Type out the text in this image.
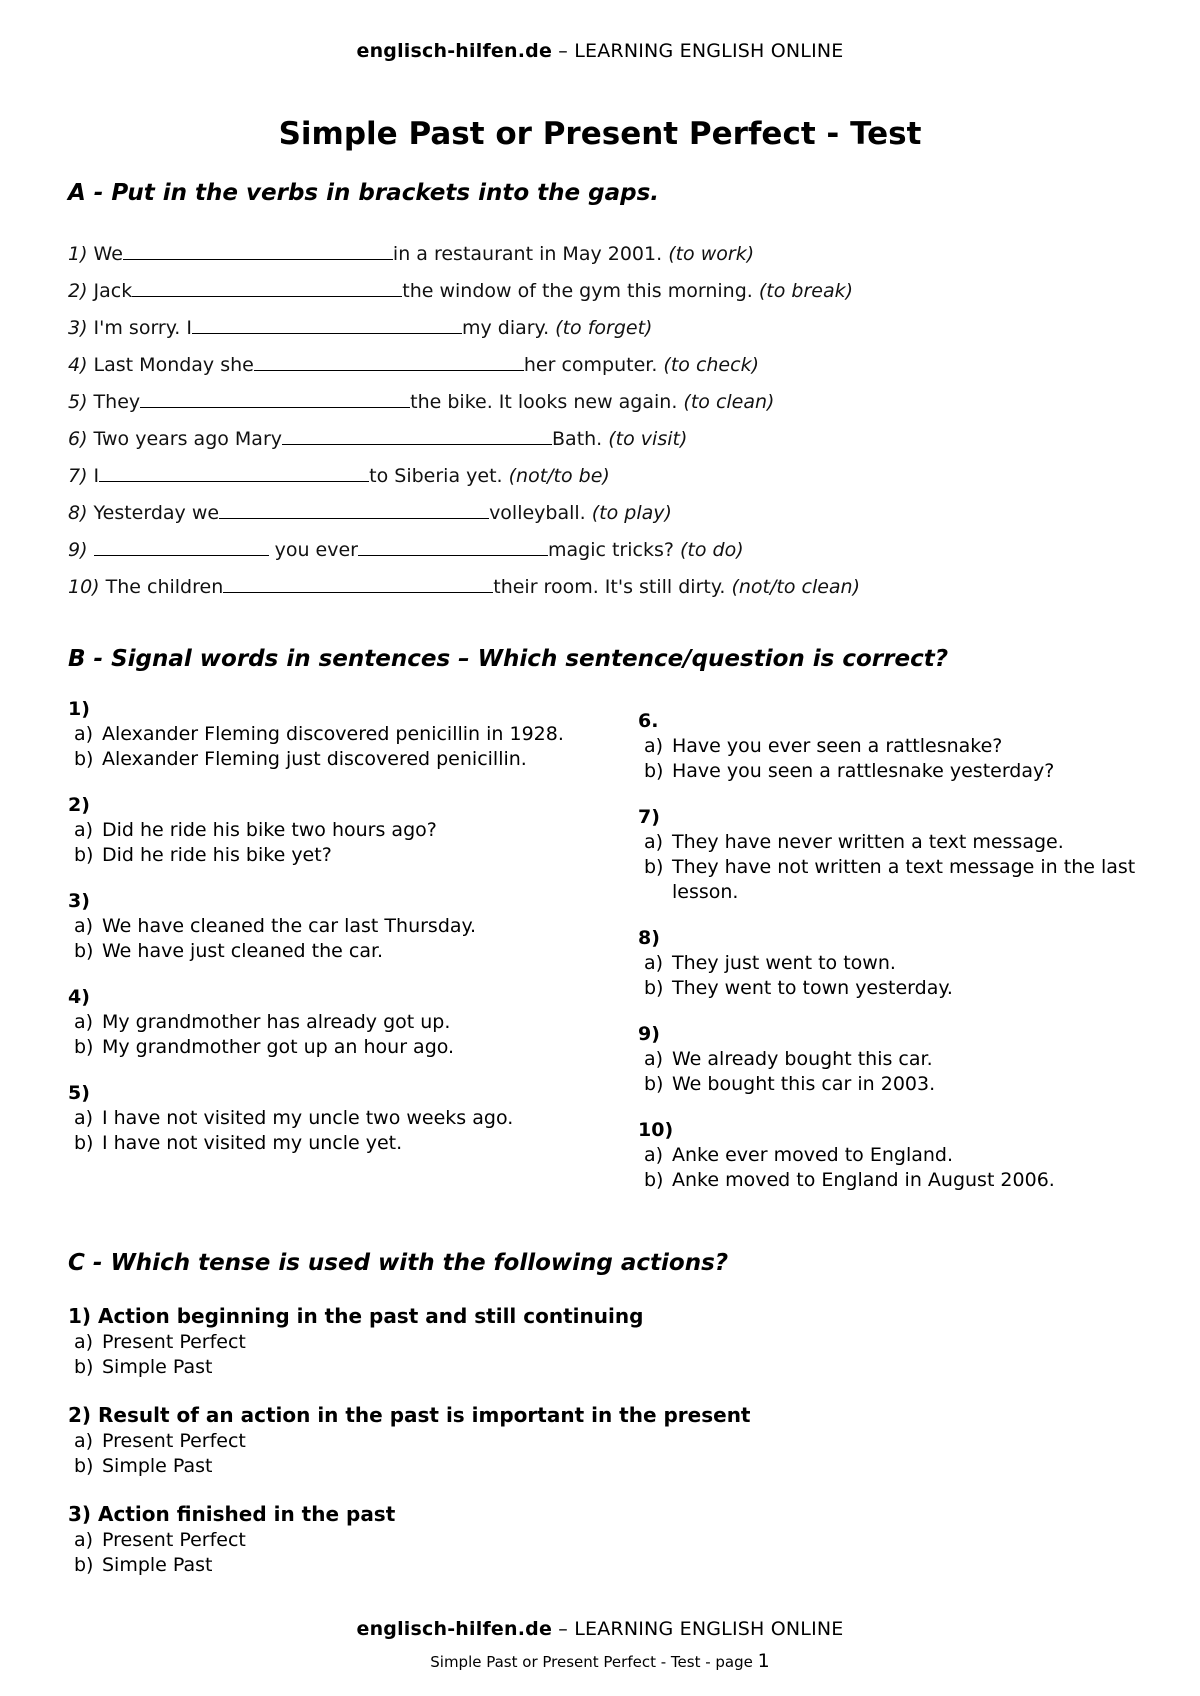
englisch-hilfen.de – LEARNING ENGLISH ONLINE
Simple Past or Present Perfect - Test
A - Put in the verbs in brackets into the gaps.
1) We	in a restaurant in May 2001. (to work)
2) Jack	the window of the gym this morning. (to break)
3) I'm sorry. I	my diary. (to forget)
4) Last Monday she	her computer. (to check)
5) They	the bike. It looks new again. (to clean)
6) Two years ago Mary	Bath. (to visit)
7) I	to Siberia yet. (not/to be)
8) Yesterday we	volleyball. (to play)
9)	you ever	magic tricks? (to do)
10) The children	their room. It's still dirty. (not/to clean)
B - Signal words in sentences – Which sentence/question is correct?
1)
a) Alexander Fleming discovered penicillin in 1928.
b) Alexander Fleming just discovered penicillin.
2)
a) Did he ride his bike two hours ago?
b) Did he ride his bike yet?
3)
a) We have cleaned the car last Thursday.
b) We have just cleaned the car.
4)
a) My grandmother has already got up.
b) My grandmother got up an hour ago.
5)
a) I have not visited my uncle two weeks ago.
b) I have not visited my uncle yet.
6.
a) Have you ever seen a rattlesnake?
b) Have you seen a rattlesnake yesterday?
7)
a) They have never written a text message.
b) They have not written a text message in the last lesson.
8)
a) They just went to town.
b) They went to town yesterday.
9)
a) We already bought this car.
b) We bought this car in 2003.
10)
a) Anke ever moved to England.
b) Anke moved to England in August 2006.
C - Which tense is used with the following actions?
1) Action beginning in the past and still continuing
a) Present Perfect
b) Simple Past
2) Result of an action in the past is important in the present
a) Present Perfect
b) Simple Past
3) Action finished in the past
a) Present Perfect
b) Simple Past
englisch-hilfen.de – LEARNING ENGLISH ONLINE
Simple Past or Present Perfect - Test - page 1
